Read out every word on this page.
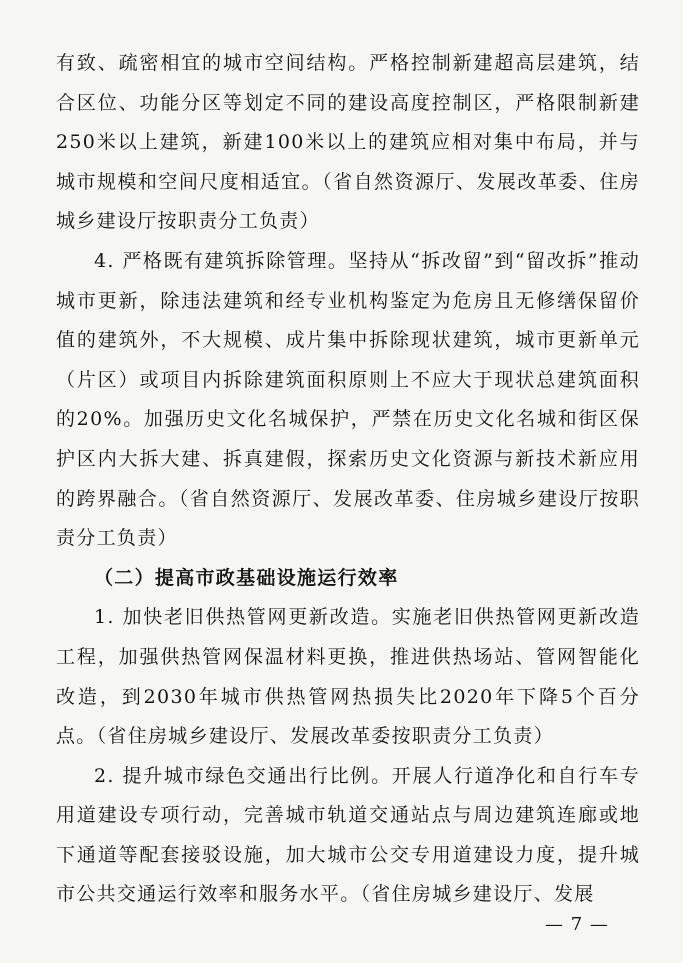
有致、疏密相宜的城市空间结构。严格控制新建超高层建筑，结合区位、功能分区等划定不同的建设高度控制区，严格限制新建250米以上建筑，新建100米以上的建筑应相对集中布局，并与城市规模和空间尺度相适宜。（省自然资源厅、发展改革委、住房城乡建设厅按职责分工负责）

4. 严格既有建筑拆除管理。坚持从“拆改留”到“留改拆”推动城市更新，除违法建筑和经专业机构鉴定为危房且无修缮保留价值的建筑外，不大规模、成片集中拆除现状建筑，城市更新单元（片区）或项目内拆除建筑面积原则上不应大于现状总建筑面积的20%。加强历史文化名城保护，严禁在历史文化名城和街区保护区内大拆大建、拆真建假，探索历史文化资源与新技术新应用的跨界融合。（省自然资源厅、发展改革委、住房城乡建设厅按职责分工负责）

（二）提高市政基础设施运行效率

1. 加快老旧供热管网更新改造。实施老旧供热管网更新改造工程，加强供热管网保温材料更换，推进供热场站、管网智能化改造，到2030年城市供热管网热损失比2020年下降5个百分点。（省住房城乡建设厅、发展改革委按职责分工负责）

2. 提升城市绿色交通出行比例。开展人行道净化和自行车专用道建设专项行动，完善城市轨道交通站点与周边建筑连廊或地下通道等配套接驳设施，加大城市公交专用道建设力度，提升城市公共交通运行效率和服务水平。（省住房城乡建设厅、发展

— 7 —
